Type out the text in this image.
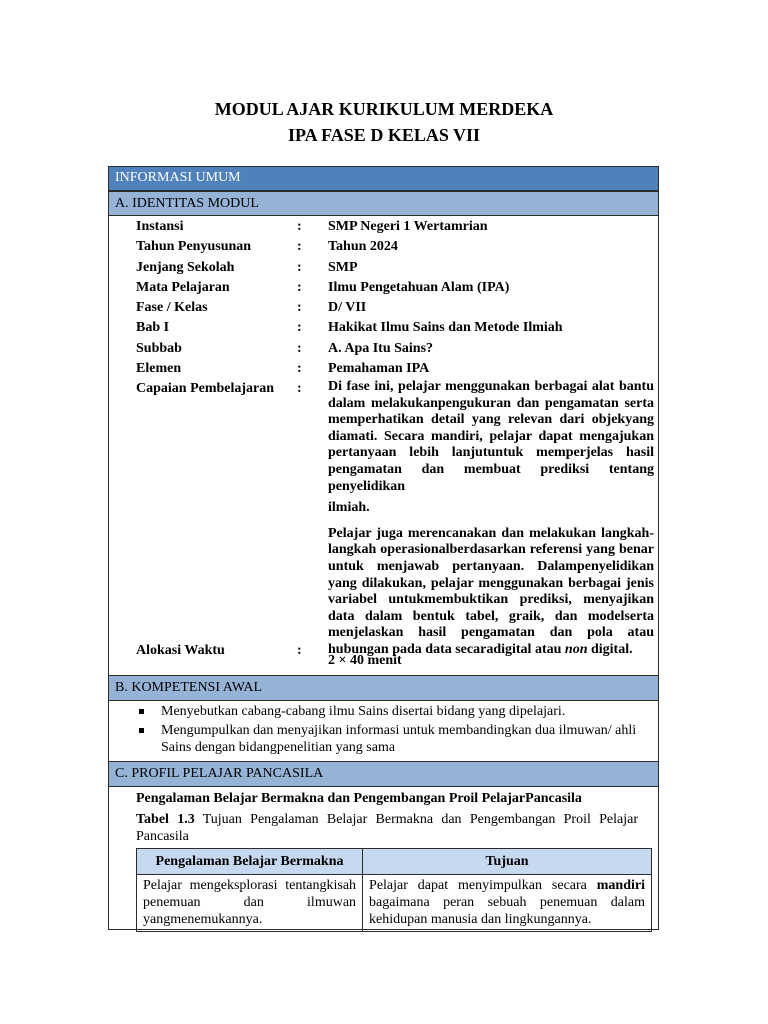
MODUL AJAR KURIKULUM MERDEKA
IPA FASE D KELAS VII
INFORMASI UMUM
A. IDENTITAS MODUL
Instansi	: SMP Negeri 1 Wertamrian
Tahun Penyusunan	: Tahun 2024
Jenjang Sekolah	: SMP
Mata Pelajaran	: Ilmu Pengetahuan Alam (IPA)
Fase / Kelas	: D/ VII
Bab I	: Hakikat Ilmu Sains dan Metode Ilmiah
Subbab	: A. Apa Itu Sains?
Elemen	: Pemahaman IPA
Capaian Pembelajaran : Di fase ini, pelajar menggunakan berbagai alat bantu dalam melakukanpengukuran dan pengamatan serta memperhatikan detail yang relevan dari objekyang diamati. Secara mandiri, pelajar dapat mengajukan pertanyaan lebih lanjutuntuk memperjelas hasil pengamatan dan membuat prediksi tentang penyelidikan

ilmiah.

Pelajar juga merencanakan dan melakukan langkah-langkah operasionalberdasarkan referensi yang benar untuk menjawab pertanyaan. Dalampenyelidikan yang dilakukan, pelajar menggunakan berbagai jenis variabel untukmembuktikan prediksi, menyajikan data dalam bentuk tabel, graik, dan modelserta menjelaskan hasil pengamatan dan pola atau hubungan pada data secaradigital atau non digital.

Alokasi Waktu	:
2 × 40 menit
B. KOMPETENSI AWAL
Menyebutkan cabang-cabang ilmu Sains disertai bidang yang dipelajari.
Mengumpulkan dan menyajikan informasi untuk membandingkan dua ilmuwan/ ahli Sains dengan bidangpenelitian yang sama
C. PROFIL PELAJAR PANCASILA
Pengalaman Belajar Bermakna dan Pengembangan Proil PelajarPancasila
Tabel 1.3 Tujuan Pengalaman Belajar Bermakna dan Pengembangan Proil Pelajar Pancasila
Pengalaman Belajar Bermakna	Tujuan
Pelajar mengeksplorasi tentangkisah penemuan dan ilmuwan yangmenemukannya.	Pelajar dapat menyimpulkan secara mandiri bagaimana peran sebuah penemuan dalam kehidupan manusia dan lingkungannya.
